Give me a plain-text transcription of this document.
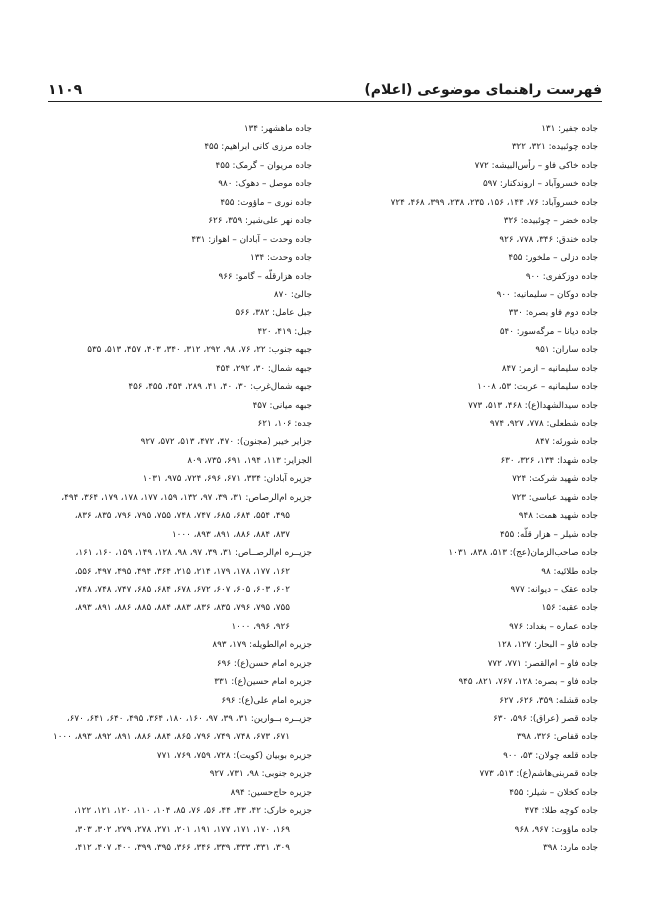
فهرست راهنمای موضوعی (اعلام)
۱۱۰۹
جاده جفیر: ۱۳۱
جاده چوئبیده: ۳۲۱، ۳۲۲
جاده خاکی فاو – رأس‌البیشه: ۷۷۲
جاده خسروآباد – اروندکنار: ۵۹۷
جاده خسروآباد: ۷۶، ۱۴۴، ۱۵۶، ۲۳۵، ۲۳۸، ۳۹۹، ۴۶۸، ۷۲۴
جاده خضر – چوئبیده: ۳۲۶
جاده خندق: ۳۴۶، ۷۷۸، ۹۲۶
جاده دزلی – ملخور: ۴۵۵
جاده دوزکفری: ۹۰۰
جاده دوکان – سلیمانیه: ۹۰۰
جاده دوم فاو بصره: ۳۳۰
جاده دیانا – مرگه‌سور: ۵۴۰
جاده ساران: ۹۵۱
جاده سلیمانیه – ازمر: ۸۴۷
جاده سلیمانیه – عربت: ۵۳، ۱۰۰۸
جاده سیدالشهدا(ع): ۴۶۸، ۵۱۳، ۷۷۳
جاده شطعلی: ۷۷۸، ۹۲۷، ۹۷۴
جاده شورئه: ۸۴۷
جاده شهدا: ۱۳۴، ۳۲۶، ۶۳۰
جاده شهید شرکت: ۷۲۴
جاده شهید عباسی: ۷۲۳
جاده شهید همت: ۹۴۸
جاده شیلر – هزار قلّه: ۴۵۵
جاده صاحب‌الزمان(عج): ۵۱۳، ۸۳۸، ۱۰۳۱
جاده طلائیه: ۹۸
جاده عقک – دیوانه: ۹۷۷
جاده عقبه: ۱۵۶
جاده عماره – بغداد: ۹۷۶
جاده فاو – البحار: ۱۲۷، ۱۲۸
جاده فاو – ام‌القصر: ۷۷۱، ۷۷۲
جاده فاو – بصره: ۱۲۸، ۷۶۷، ۸۲۱، ۹۴۵
جاده قشله: ۳۵۹، ۶۲۶، ۶۲۷
جاده قصر (عراق): ۵۹۶، ۶۳۰
جاده قفاص: ۳۲۶، ۳۹۸
جاده قلعه چولان: ۵۳، ۹۰۰
جاده قمربنی‌هاشم(ع): ۵۱۳، ۷۷۳
جاده کخلان – شیلر: ۴۵۵
جاده کوچه طلا: ۴۷۴
جاده ماؤوت: ۹۶۷، ۹۶۸
جاده مارد: ۳۹۸
جاده ماهشهر: ۱۳۴
جاده مرزی کانی ابراهیم: ۴۵۵
جاده مریوان – گرمک: ۴۵۵
جاده موصل – دهوک: ۹۸۰
جاده نوری – ماؤوت: ۴۵۵
جاده نهر علی‌شیر: ۳۵۹، ۶۲۶
جاده وحدت – آبادان – اهواز: ۴۳۱
جاده وحدت: ۱۳۴
جاده هزارقلّه – گامو: ۹۶۶
جالئ: ۸۷۰
جبل عامل: ۳۸۲، ۵۶۶
جبل: ۴۱۹، ۴۲۰
جبهه جنوب: ۲۲، ۷۶، ۹۸، ۲۹۲، ۳۱۲، ۳۴۰، ۴۰۳، ۴۵۷، ۵۱۳، ۵۳۵
جبهه شمال: ۳۰، ۲۹۲، ۴۵۴
جبهه شمال‌غرب: ۳۰، ۴۰، ۴۱، ۲۸۹، ۴۵۴، ۴۵۵، ۴۵۶
جبهه میانی: ۴۵۷
جده: ۱۰۶، ۶۲۱
جزایر خیبر (مجنون): ۴۷۰، ۴۷۲، ۵۱۳، ۵۷۲، ۹۲۷
الجزایر: ۱۱۳، ۱۹۴، ۶۹۱، ۷۳۵، ۸۰۹
جزیره آبادان: ۳۳۴، ۶۷۱، ۶۹۶، ۷۲۴، ۹۷۵، ۱۰۳۱
جزیره ام‌الرصاص: ۳۱، ۳۹، ۹۷، ۱۳۲، ۱۵۹، ۱۷۷، ۱۷۸، ۱۷۹، ۳۶۴، ۴۹۴،
۴۹۵، ۵۵۴، ۶۸۴، ۶۸۵، ۷۴۷، ۷۴۸، ۷۵۵، ۷۹۵، ۷۹۶، ۸۳۵، ۸۳۶،
۸۳۷، ۸۸۴، ۸۸۶، ۸۹۱، ۸۹۳، ۱۰۰۰
جزیــره ام‌الرصــاص: ۳۱، ۳۹، ۹۷، ۹۸، ۱۲۸، ۱۴۹، ۱۵۹، ۱۶۰، ۱۶۱،
۱۶۲، ۱۷۷، ۱۷۸، ۱۷۹، ۲۱۴، ۲۱۵، ۳۶۴، ۴۹۴، ۴۹۵، ۴۹۷، ۵۵۶،
۶۰۲، ۶۰۳، ۶۰۵، ۶۰۷، ۶۷۲، ۶۷۸، ۶۸۴، ۶۸۵، ۷۴۷، ۷۴۸، ۷۴۸،
۷۵۵، ۷۹۵، ۷۹۶، ۸۳۵، ۸۳۶، ۸۸۳، ۸۸۴، ۸۸۵، ۸۸۶، ۸۹۱، ۸۹۳،
۹۲۶، ۹۹۶، ۱۰۰۰
جزیره ام‌الطویله: ۱۷۹، ۸۹۳
جزیره امام حسن(ع): ۶۹۶
جزیره امام حسین(ع): ۳۳۱
جزیره امام علی(ع): ۶۹۶
جزیــره بــوارین: ۳۱، ۳۹، ۹۷، ۱۶۰، ۱۸۰، ۳۶۴، ۴۹۵، ۶۴۰، ۶۴۱، ۶۷۰،
۶۷۱، ۶۷۳، ۷۴۸، ۷۴۹، ۷۹۶، ۸۶۵، ۸۸۴، ۸۸۶، ۸۹۱، ۸۹۲، ۸۹۳، ۱۰۰۰
جزیره بوبیان (کویت): ۷۲۸، ۷۵۹، ۷۶۹، ۷۷۱
جزیره جنوبی: ۹۸، ۷۳۱، ۹۲۷
جزیره حاج‌حسین: ۸۹۴
جزیره خارک: ۴۲، ۴۳، ۴۴، ۵۶، ۷۶، ۸۵، ۱۰۴، ۱۱۰، ۱۲۰، ۱۲۱، ۱۲۲،
۱۶۹، ۱۷۰، ۱۷۱، ۱۷۷، ۱۹۱، ۲۰۱، ۲۷۱، ۲۷۸، ۲۷۹، ۳۰۲، ۳۰۳،
۳۰۹، ۳۳۱، ۳۳۳، ۳۳۹، ۳۴۶، ۳۶۶، ۳۹۵، ۳۹۹، ۴۰۰، ۴۰۷، ۴۱۲،
